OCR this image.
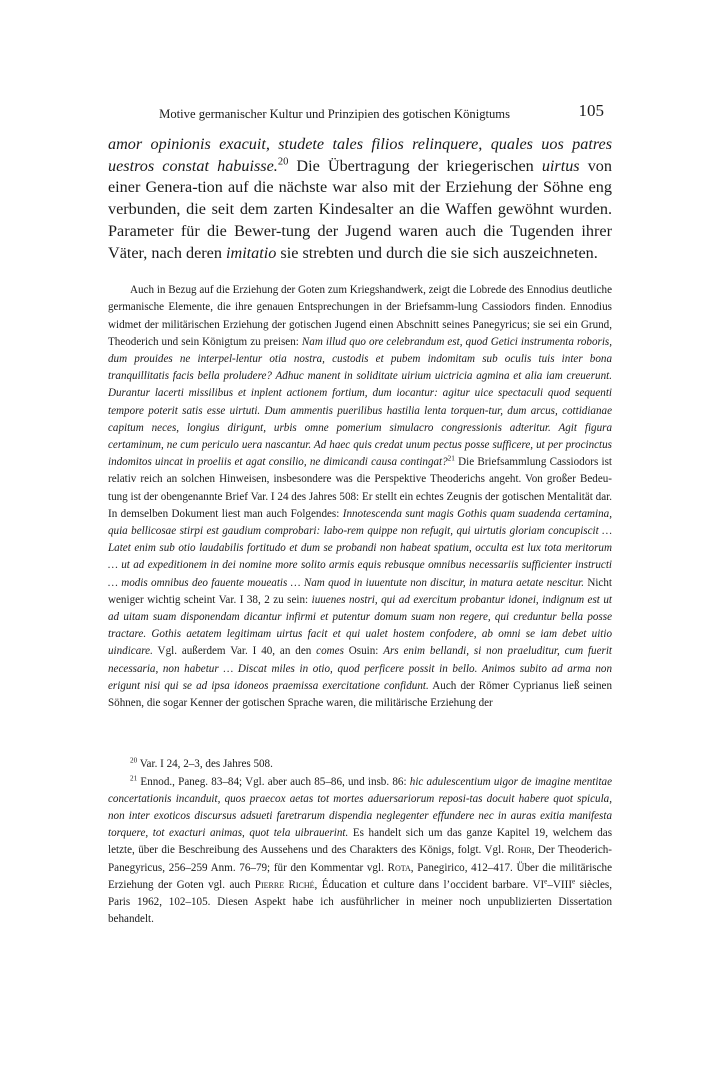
Motive germanischer Kultur und Prinzipien des gotischen Königtums	105

amor opinionis exacuit, studete tales filios relinquere, quales uos patres uestros constat habuisse.$^{20}$ Die Übertragung der kriegerischen uirtus von einer Genera-tion auf die nächste war also mit der Erziehung der Söhne eng verbunden, die seit dem zarten Kindesalter an die Waffen gewöhnt wurden. Parameter für die Bewer-tung der Jugend waren auch die Tugenden ihrer Väter, nach deren imitatio sie strebten und durch die sie sich auszeichneten.

Auch in Bezug auf die Erziehung der Goten zum Kriegshandwerk, zeigt die Lobrede des Ennodius deutliche germanische Elemente, die ihre genauen Entsprechungen in der Briefsamm-lung Cassiodors finden. Ennodius widmet der militärischen Erziehung der gotischen Jugend einen Abschnitt seines Panegyricus; sie sei ein Grund, Theoderich und sein Königtum zu preisen: Nam illud quo ore celebrandum est, quod Getici instrumenta roboris, dum prouides ne interpel-lentur otia nostra, custodis et pubem indomitam sub oculis tuis inter bona tranquillitatis facis bella proludere? Adhuc manent in soliditate uirium uictricia agmina et alia iam creuerunt. Durantur lacerti missilibus et inplent actionem fortium, dum iocantur: agitur uice spectaculi quod sequenti tempore poterit satis esse uirtuti. Dum ammentis puerilibus hastilia lenta torquen-tur, dum arcus, cottidianae capitum neces, longius dirigunt, urbis omne pomerium simulacro congressionis adteritur. Agit figura certaminum, ne cum periculo uera nascantur. Ad haec quis credat unum pectus posse sufficere, ut per procinctus indomitos uincat in proeliis et agat consilio, ne dimicandi causa contingat?$^{21}$ Die Briefsammlung Cassiodors ist relativ reich an solchen Hinweisen, insbesondere was die Perspektive Theoderichs angeht. Von großer Bedeu-tung ist der obengenannte Brief Var. I 24 des Jahres 508: Er stellt ein echtes Zeugnis der gotischen Mentalität dar. In demselben Dokument liest man auch Folgendes: Innotescenda sunt magis Gothis quam suadenda certamina, quia bellicosae stirpi est gaudium comprobari: labo-rem quippe non refugit, qui uirtutis gloriam concupiscit … Latet enim sub otio laudabilis fortitudo et dum se probandi non habeat spatium, occulta est lux tota meritorum … ut ad expeditionem in dei nomine more solito armis equis rebusque omnibus necessariis sufficienter instructi … modis omnibus deo fauente moueatis … Nam quod in iuuentute non discitur, in matura aetate nescitur. Nicht weniger wichtig scheint Var. I 38, 2 zu sein: iuuenes nostri, qui ad exercitum probantur idonei, indignum est ut ad uitam suam disponendam dicantur infirmi et putentur domum suam non regere, qui creduntur bella posse tractare. Gothis aetatem legitimam uirtus facit et qui ualet hostem confodere, ab omni se iam debet uitio uindicare. Vgl. außerdem Var. I 40, an den comes Osuin: Ars enim bellandi, si non praeluditur, cum fuerit necessaria, non habetur … Discat miles in otio, quod perficere possit in bello. Animos subito ad arma non erigunt nisi qui se ad ipsa idoneos praemissa exercitatione confidunt. Auch der Römer Cyprianus ließ seinen Söhnen, die sogar Kenner der gotischen Sprache waren, die militärische Erziehung der

$^{20}$ Var. I 24, 2–3, des Jahres 508.

$^{21}$ Ennod., Paneg. 83–84; Vgl. aber auch 85–86, und insb. 86: hic adulescentium uigor de imagine mentitae concertationis incanduit, quos praecox aetas tot mortes aduersariorum reposi-tas docuit habere quot spicula, non inter exoticos discursus adsueti faretrarum dispendia neglegenter effundere nec in auras exitia manifesta torquere, tot exacturi animas, quot tela uibrauerint. Es handelt sich um das ganze Kapitel 19, welchem das letzte, über die Beschreibung des Aussehens und des Charakters des Königs, folgt. Vgl. Rohr, Der Theoderich-Panegyricus, 256–259 Anm. 76–79; für den Kommentar vgl. Rota, Panegirico, 412–417. Über die militärische Erziehung der Goten vgl. auch Pierre Riché, Éducation et culture dans l’occident barbare. VIe–VIIIe siècles, Paris 1962, 102–105. Diesen Aspekt habe ich ausführlicher in meiner noch unpublizierten Dissertation behandelt.
